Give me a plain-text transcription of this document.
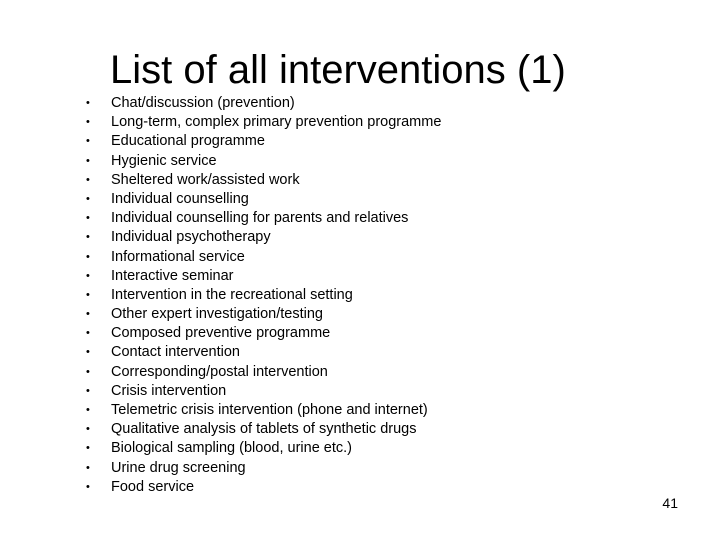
List of all interventions (1)
•	Chat/discussion (prevention)
•	Long-term, complex primary prevention programme
•	Educational programme
•	Hygienic service
•	Sheltered work/assisted work
•	Individual counselling
•	Individual counselling for parents and relatives
•	Individual psychotherapy
•	Informational service
•	Interactive seminar
•	Intervention in the recreational setting
•	Other expert investigation/testing
•	Composed preventive programme
•	Contact intervention
•	Corresponding/postal intervention
•	Crisis intervention
•	Telemetric crisis intervention (phone and internet)
•	Qualitative analysis of tablets of synthetic drugs
•	Biological sampling (blood, urine etc.)
•	Urine drug screening
•	Food service
41
